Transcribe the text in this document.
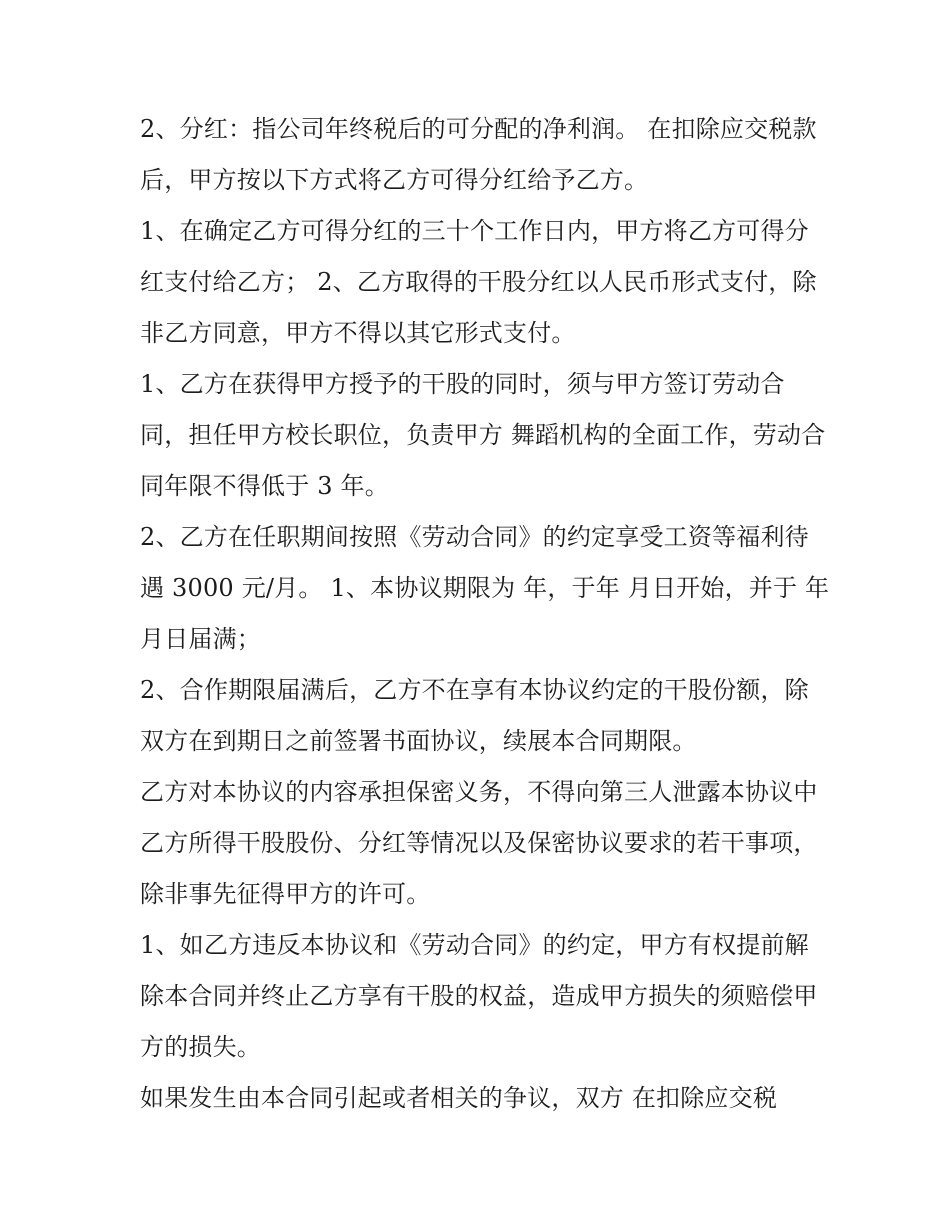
2、分红：指公司年终税后的可分配的净利润。 在扣除应交税款后，甲方按以下方式将乙方可得分红给予乙方。

1、在确定乙方可得分红的三十个工作日内，甲方将乙方可得分红支付给乙方； 2、乙方取得的干股分红以人民币形式支付，除非乙方同意，甲方不得以其它形式支付。

1、乙方在获得甲方授予的干股的同时，须与甲方签订劳动合同，担任甲方校长职位，负责甲方 舞蹈机构的全面工作，劳动合同年限不得低于 3 年。

2、乙方在任职期间按照《劳动合同》的约定享受工资等福利待遇 3000 元/月。 1、本协议期限为 年，于年 月日开始，并于 年 月日届满；

2、合作期限届满后，乙方不在享有本协议约定的干股份额，除双方在到期日之前签署书面协议，续展本合同期限。

乙方对本协议的内容承担保密义务，不得向第三人泄露本协议中乙方所得干股股份、分红等情况以及保密协议要求的若干事项，除非事先征得甲方的许可。

1、如乙方违反本协议和《劳动合同》的约定，甲方有权提前解除本合同并终止乙方享有干股的权益，造成甲方损失的须赔偿甲方的损失。

如果发生由本合同引起或者相关的争议，双方 在扣除应交税
